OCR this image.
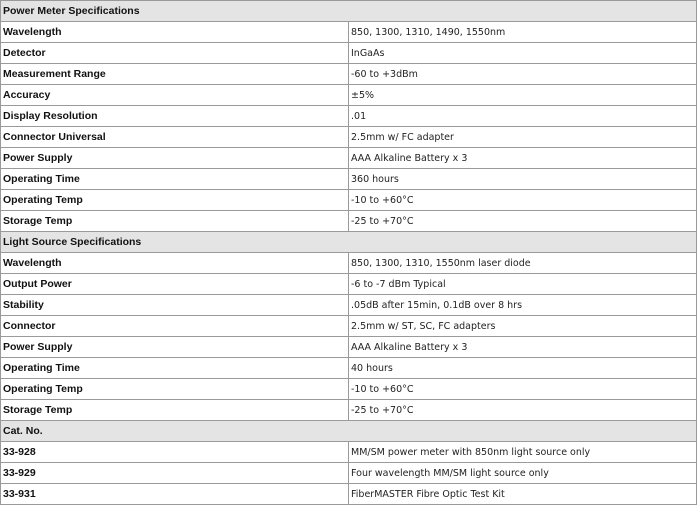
Power Meter Specifications	
Wavelength	850, 1300, 1310, 1490, 1550nm
Detector	InGaAs
Measurement Range	-60 to +3dBm
Accuracy	±5%
Display Resolution	.01
Connector Universal	2.5mm w/ FC adapter
Power Supply	AAA Alkaline Battery x 3
Operating Time	360 hours
Operating Temp	-10 to +60°C
Storage Temp	-25 to +70°C
Light Source Specifications	
Wavelength	850, 1300, 1310, 1550nm laser diode
Output Power	-6 to -7 dBm Typical
Stability	.05dB after 15min, 0.1dB over 8 hrs
Connector	2.5mm w/ ST, SC, FC adapters
Power Supply	AAA Alkaline Battery x 3
Operating Time	40 hours
Operating Temp	-10 to +60°C
Storage Temp	-25 to +70°C
Cat. No.	
33-928	MM/SM power meter with 850nm light source only
33-929	Four wavelength MM/SM light source only
33-931	FiberMASTER Fibre Optic Test Kit
